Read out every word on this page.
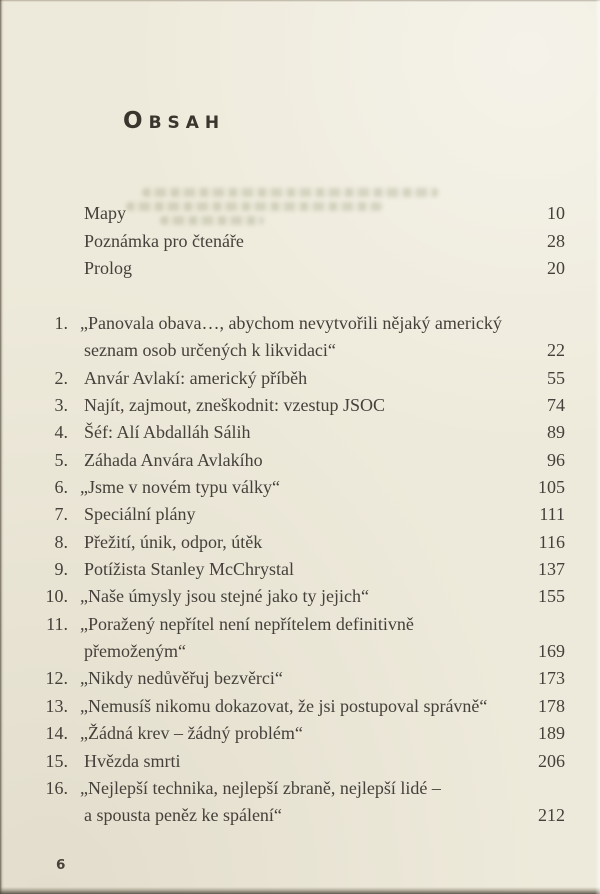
OBSAH
Mapy	10
Poznámka pro čtenáře	28
Prolog	20
1. „Panovala obava…, abychom nevytvořili nějaký americký
seznam osob určených k likvidaci“	22
2. Anvár Avlakí: americký příběh	55
3. Najít, zajmout, zneškodnit: vzestup JSOC	74
4. Šéf: Alí Abdalláh Sálih	89
5. Záhada Anvára Avlakího	96
6. „Jsme v novém typu války“	105
7. Speciální plány	111
8. Přežití, únik, odpor, útěk	116
9. Potížista Stanley McChrystal	137
10. „Naše úmysly jsou stejné jako ty jejich“	155
11. „Poražený nepřítel není nepřítelem definitivně
přemoženým“	169
12. „Nikdy nedůvěřuj bezvěrci“	173
13. „Nemusíš nikomu dokazovat, že jsi postupoval správně“	178
14. „Žádná krev – žádný problém“	189
15. Hvězda smrti	206
16. „Nejlepší technika, nejlepší zbraně, nejlepší lidé –
a spousta peněz ke spálení“	212
6
